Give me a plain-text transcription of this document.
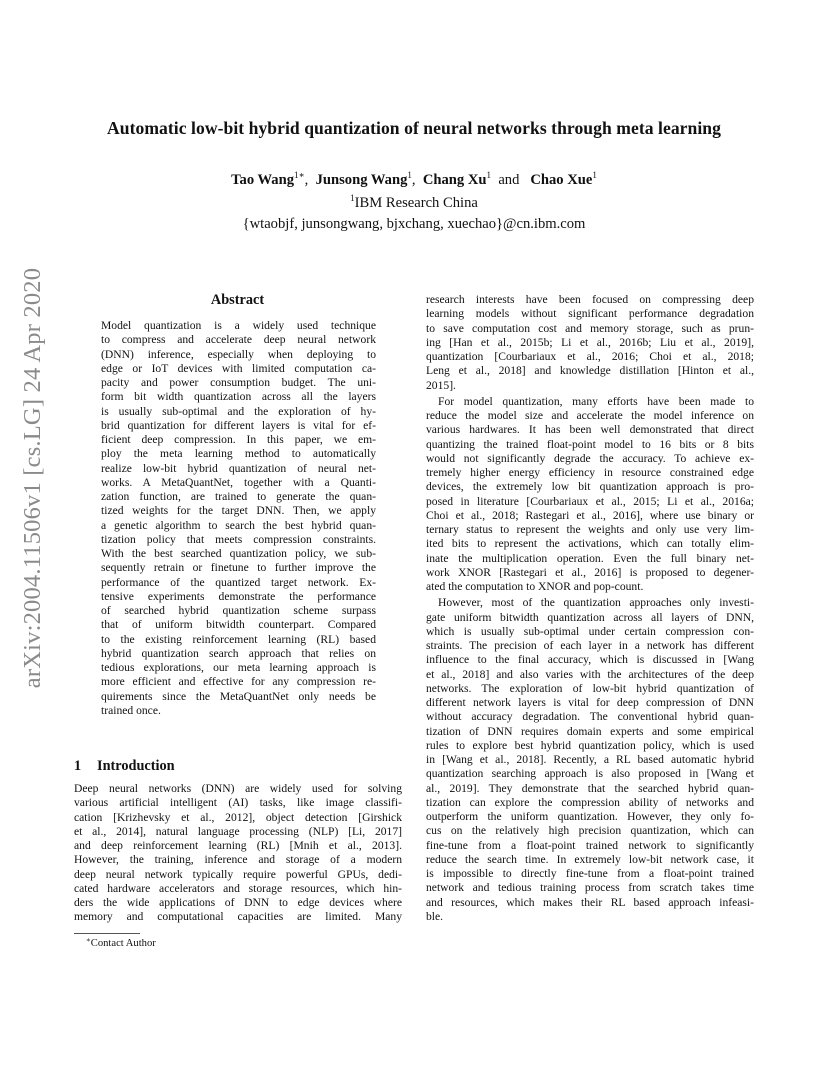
Automatic low-bit hybrid quantization of neural networks through meta learning
Tao Wang$^{1∗}$, Junsong Wang$^1$, Chang Xu$^1$ and Chao Xue$^1$
$^1$IBM Research China
{wtaobjf, junsongwang, bjxchang, xuechao}@cn.ibm.com
arXiv:2004.11506v1 [cs.LG] 24 Apr 2020	Abstract
Model quantization is a widely used technique
to compress and accelerate deep neural network
(DNN) inference, especially when deploying to
edge or IoT devices with limited computation ca-
pacity and power consumption budget. The uni-
form bit width quantization across all the layers
is usually sub-optimal and the exploration of hy-
brid quantization for different layers is vital for ef-
ficient deep compression. In this paper, we em-
ploy the meta learning method to automatically
realize low-bit hybrid quantization of neural net-
works. A MetaQuantNet, together with a Quanti-
zation function, are trained to generate the quan-
tized weights for the target DNN. Then, we apply
a genetic algorithm to search the best hybrid quan-
tization policy that meets compression constraints.
With the best searched quantization policy, we sub-
sequently retrain or finetune to further improve the
performance of the quantized target network. Ex-
tensive experiments demonstrate the performance
of searched hybrid quantization scheme surpass
that of uniform bitwidth counterpart. Compared
to the existing reinforcement learning (RL) based
hybrid quantization search approach that relies on
tedious explorations, our meta learning approach is
more efficient and effective for any compression re-
quirements since the MetaQuantNet only needs be
trained once.
1 Introduction
Deep neural networks (DNN) are widely used for solving
various artificial intelligent (AI) tasks, like image classifi-
cation [Krizhevsky et al., 2012], object detection [Girshick
et al., 2014], natural language processing (NLP) [Li, 2017]
and deep reinforcement learning (RL) [Mnih et al., 2013].
However, the training, inference and storage of a modern
deep neural network typically require powerful GPUs, dedi-
cated hardware accelerators and storage resources, which hin-
ders the wide applications of DNN to edge devices where
memory and computational capacities are limited. Many
research interests have been focused on compressing deep
learning models without significant performance degradation
to save computation cost and memory storage, such as prun-
ing [Han et al., 2015b; Li et al., 2016b; Liu et al., 2019],
quantization [Courbariaux et al., 2016; Choi et al., 2018;
Leng et al., 2018] and knowledge distillation [Hinton et al.,
2015].
For model quantization, many efforts have been made to
reduce the model size and accelerate the model inference on
various hardwares. It has been well demonstrated that direct
quantizing the trained float-point model to 16 bits or 8 bits
would not significantly degrade the accuracy. To achieve ex-
tremely higher energy efficiency in resource constrained edge
devices, the extremely low bit quantization approach is pro-
posed in literature [Courbariaux et al., 2015; Li et al., 2016a;
Choi et al., 2018; Rastegari et al., 2016], where use binary or
ternary status to represent the weights and only use very lim-
ited bits to represent the activations, which can totally elim-
inate the multiplication operation. Even the full binary net-
work XNOR [Rastegari et al., 2016] is proposed to degener-
ated the computation to XNOR and pop-count.
However, most of the quantization approaches only investi-
gate uniform bitwidth quantization across all layers of DNN,
which is usually sub-optimal under certain compression con-
straints. The precision of each layer in a network has different
influence to the final accuracy, which is discussed in [Wang
et al., 2018] and also varies with the architectures of the deep
networks. The exploration of low-bit hybrid quantization of
different network layers is vital for deep compression of DNN
without accuracy degradation. The conventional hybrid quan-
tization of DNN requires domain experts and some empirical
rules to explore best hybrid quantization policy, which is used
in [Wang et al., 2018]. Recently, a RL based automatic hybrid
quantization searching approach is also proposed in [Wang et
al., 2019]. They demonstrate that the searched hybrid quan-
tization can explore the compression ability of networks and
outperform the uniform quantization. However, they only fo-
cus on the relatively high precision quantization, which can
fine-tune from a float-point trained network to significantly
reduce the search time. In extremely low-bit network case, it
is impossible to directly fine-tune from a float-point trained
network and tedious training process from scratch takes time
and resources, which makes their RL based approach infeasi-
ble.
∗Contact Author
